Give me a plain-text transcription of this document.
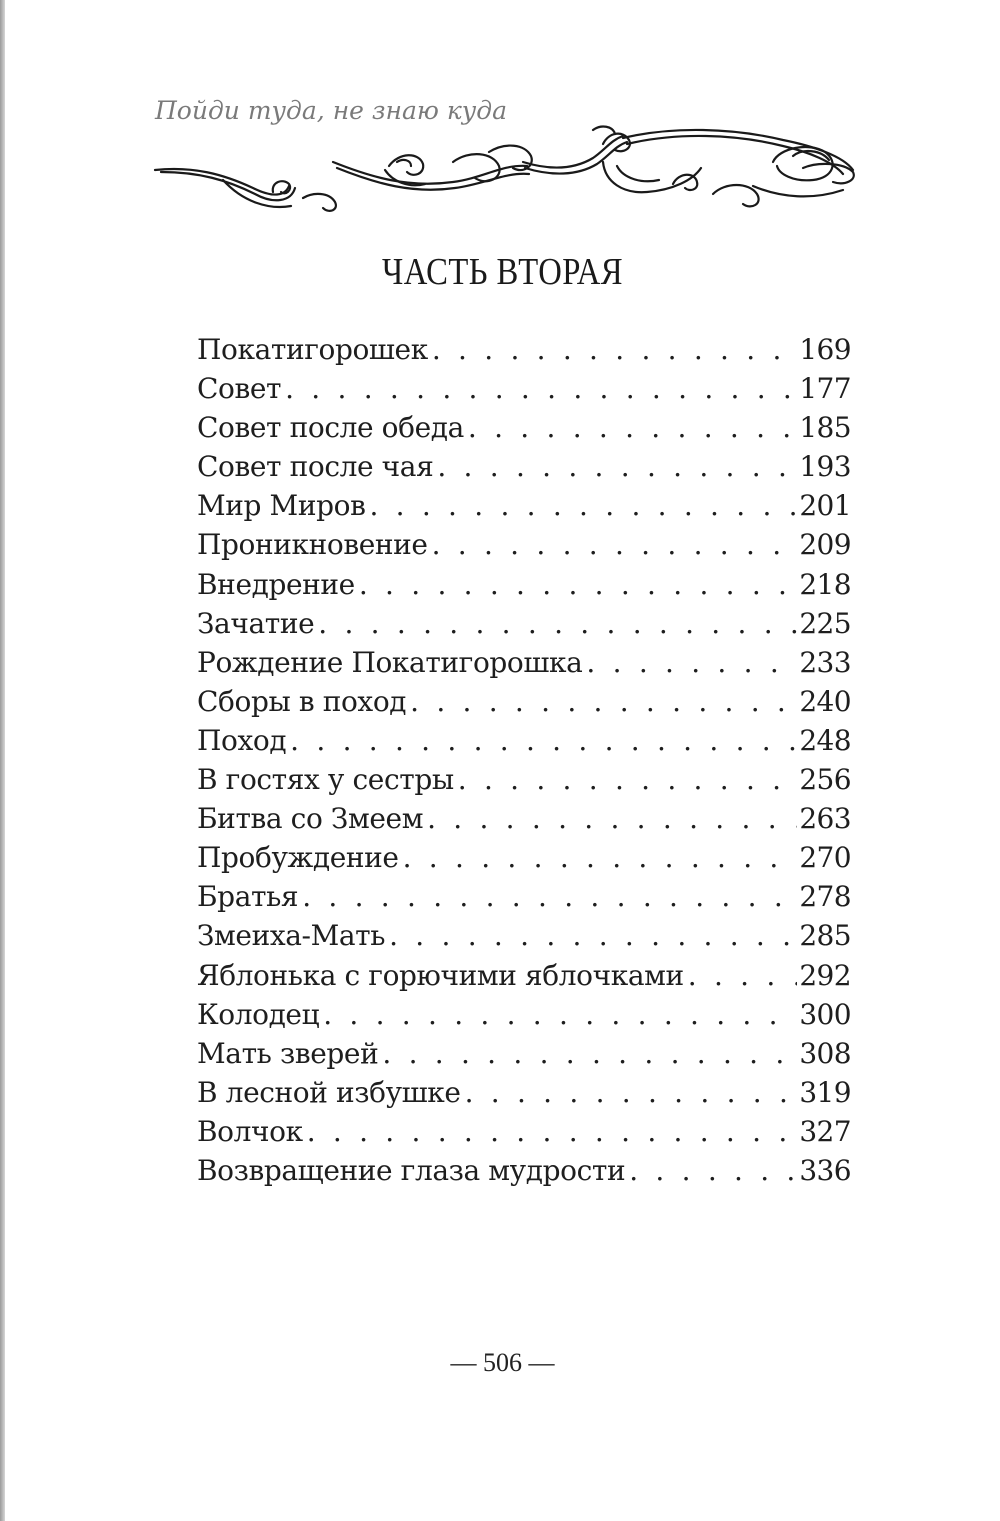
Пойди туда, не знаю куда
ЧАСТЬ ВТОРАЯ
Покатигорошек . . .	169
Совет . . .	177
Совет после обеда . . .	185
Совет после чая . . .	193
Мир Миров . . .	201
Проникновение . . .	209
Внедрение . . .	218
Зачатие . . .	225
Рождение Покатигорошка . . .	233
Сборы в поход . . .	240
Поход . . .	248
В гостях у сестры . . .	256
Битва со Змеем . . .	263
Пробуждение . . .	270
Братья . . .	278
Змеиха-Мать . . .	285
Яблонька с горючими яблочками . . .	292
Колодец . . .	300
Мать зверей . . .	308
В лесной избушке . . .	319
Волчок . . .	327
Возвращение глаза мудрости . . .	336
— 506 —
